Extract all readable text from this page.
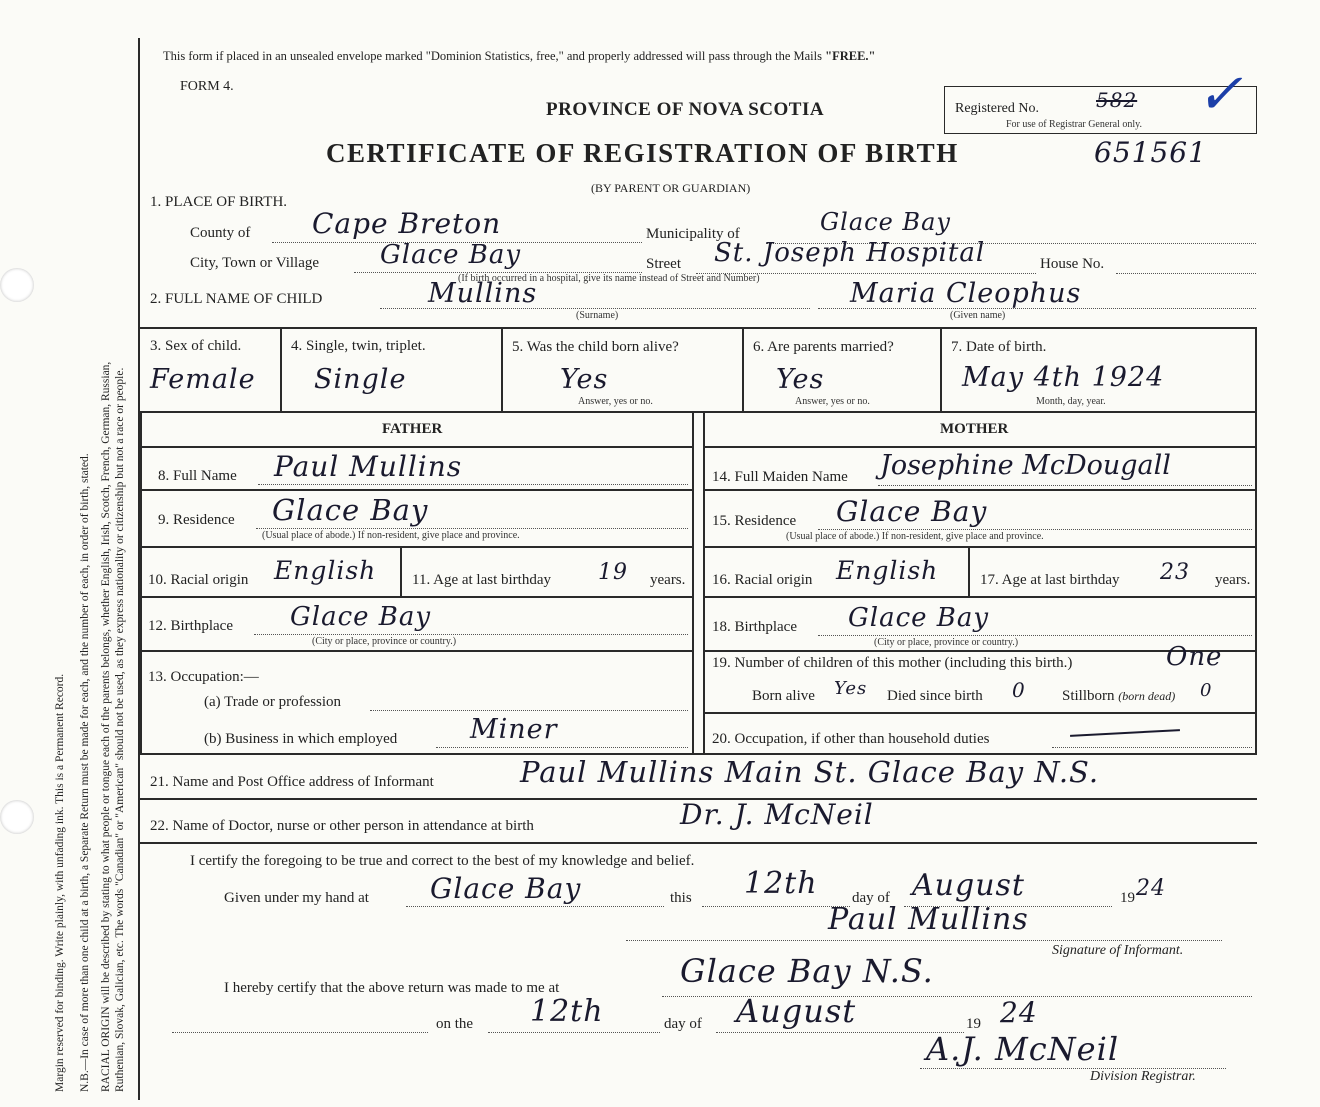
Margin reserved for binding. Write plainly, with unfading ink. This is a Permanent Record. N.B.—In case of more than one child at a birth, a Separate Return must be made for each, and the number of each, in order of birth, stated. RACIAL ORIGIN will be described by stating to what people or tongue each of the parents belongs, whether English, Irish, Scotch, French, German, Russian, Ruthenian, Slovak, Galician, etc. The words "Canadian" or "American" should not be used, as they express nationality or citizenship but not a race or people.
This form if placed in an unsealed envelope marked "Dominion Statistics, free," and properly addressed will pass through the Mails "FREE."
FORM 4.
PROVINCE OF NOVA SCOTIA
CERTIFICATE OF REGISTRATION OF BIRTH	651561
(BY PARENT OR GUARDIAN)
Registered No.	582
For use of Registrar General only. ✓
1. PLACE OF BIRTH.
County of Cape Breton	Municipality of	Glace Bay
City, Town or Village Glace Bay	Street St. Joseph Hospital	House No.
(If birth occurred in a hospital, give its name instead of Street and Number)
2. FULL NAME OF CHILD	Mullins
(Surname)
Maria Cleophus
(Given name)
3. Sex of child.
Female
4. Single, twin, triplet.
Single
5. Was the child born alive?
Yes
Answer, yes or no.
6. Are parents married?
Yes
Answer, yes or no.
7. Date of birth.
May 4th 1924
Month, day, year.
FATHER	MOTHER
8. Full Name Paul Mullins
9. Residence Glace Bay
(Usual place of abode.) If non-resident, give place and province.
10. Racial origin English 11. Age at last birthday 19 years.
12. Birthplace Glace Bay
(City or place, province or country.)
13. Occupation:—
(a) Trade or profession
(b) Business in which employed	Miner
14. Full Maiden Name Josephine McDougall
15. Residence Glace Bay
(Usual place of abode.) If non-resident, give place and province.
16. Racial origin English	17. Age at last birthday 23 years.
18. Birthplace Glace Bay
(City or place, province or country.)
19. Number of children of this mother (including this birth.)	One
Born alive Yes Died since birth 0 Stillborn (born dead) 0
20. Occupation, if other than household duties
21. Name and Post Office address of Informant	Paul Mullins Main St. Glace Bay N.S.
22. Name of Doctor, nurse or other person in attendance at birth	Dr. J. McNeil
I certify the foregoing to be true and correct to the best of my knowledge and belief.
Given under my hand at Glace Bay	this 12th day of August	19 24
Paul Mullins
Signature of Informant.
I hereby certify that the above return was made to me at	Glace Bay N.S.
on the 12th	day of August	19 24
A.J. McNeil
Division Registrar.
